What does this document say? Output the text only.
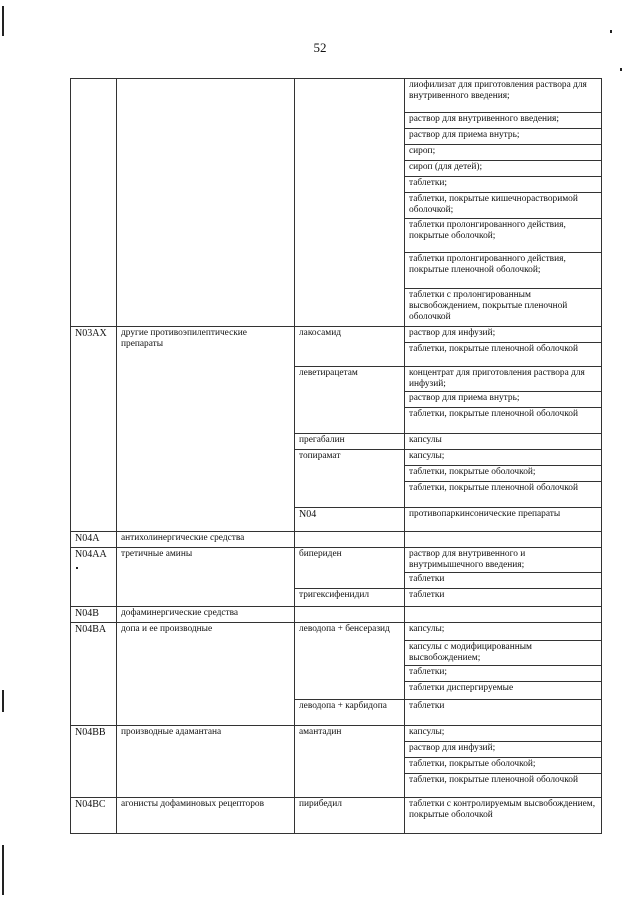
52
			лиофилизат для приготовления раствора для внутривенного введения;	
			раствор для внутривенного введения;	
			раствор для приема внутрь;	
			сироп;	
			сироп (для детей);	
			таблетки;	
			таблетки, покрытые кишечнорастворимой оболочкой;	
			таблетки пролонгированного действия, покрытые оболочкой;	
			таблетки пролонгированного действия, покрытые пленочной оболочкой;	
			таблетки с пролонгированным высвобождением, покрытые пленочной оболочкой	
N03AX	другие противоэпилептические препараты	лакосамид	раствор для инфузий;	
			таблетки, покрытые пленочной оболочкой	
		леветирацетам	концентрат для приготовления раствора для инфузий;	
			раствор для приема внутрь;	
			таблетки, покрытые пленочной оболочкой	
		прегабалин	капсулы	
		топирамат	капсулы;	
			таблетки, покрытые оболочкой;	
			таблетки, покрытые пленочной оболочкой	
		N04	противопаркинсонические препараты		
N04A	антихолинергические средства			
N04AA	третичные амины	бипериден	раствор для внутривенного и внутримышечного введения;	
			таблетки	
		тригексифенидил	таблетки	
N04B	дофаминергические средства			
N04BA	допа и ее производные	леводопа + бенсеразид	капсулы;	
			капсулы с модифицированным высвобождением;	
			таблетки;	
			таблетки диспергируемые	
		леводопа + карбидопа	таблетки	
N04BB	производные адамантана	амантадин	капсулы;	
			раствор для инфузий;	
			таблетки, покрытые оболочкой;	
			таблетки, покрытые пленочной оболочкой	
N04BC	агонисты дофаминовых рецепторов	пирибедил	таблетки с контролируемым высвобождением, покрытые оболочкой	
